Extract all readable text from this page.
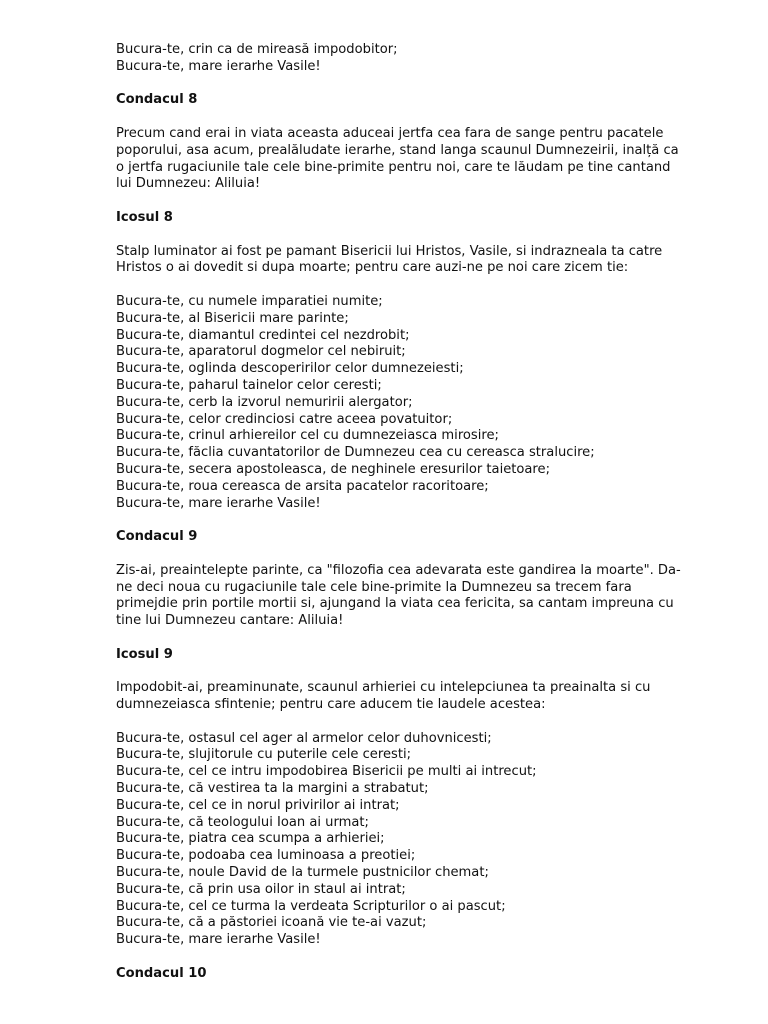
Bucura-te, crin ca de mireasă impodobitor;
Bucura-te, mare ierarhe Vasile!

Condacul 8

Precum cand erai in viata aceasta aduceai jertfa cea fara de sange pentru pacatele
poporului, asa acum, prealăludate ierarhe, stand langa scaunul Dumnezeirii, inalță ca
o jertfa rugaciunile tale cele bine-primite pentru noi, care te lăudam pe tine cantand
lui Dumnezeu: Aliluia!

Icosul 8

Stalp luminator ai fost pe pamant Bisericii lui Hristos, Vasile, si indrazneala ta catre
Hristos o ai dovedit si dupa moarte; pentru care auzi-ne pe noi care zicem tie:
Bucura-te, cu numele imparatiei numite;
Bucura-te, al Bisericii mare parinte;
Bucura-te, diamantul credintei cel nezdrobit;
Bucura-te, aparatorul dogmelor cel nebiruit;
Bucura-te, oglinda descoperirilor celor dumnezeiesti;
Bucura-te, paharul tainelor celor ceresti;
Bucura-te, cerb la izvorul nemuririi alergator;
Bucura-te, celor credinciosi catre aceea povatuitor;
Bucura-te, crinul arhiereilor cel cu dumnezeiasca mirosire;
Bucura-te, făclia cuvantatorilor de Dumnezeu cea cu cereasca stralucire;
Bucura-te, secera apostoleasca, de neghinele eresurilor taietoare;
Bucura-te, roua cereasca de arsita pacatelor racoritoare;
Bucura-te, mare ierarhe Vasile!

Condacul 9

Zis-ai, preaintelepte parinte, ca "filozofia cea adevarata este gandirea la moarte". Da-
ne deci noua cu rugaciunile tale cele bine-primite la Dumnezeu sa trecem fara
primejdie prin portile mortii si, ajungand la viata cea fericita, sa cantam impreuna cu
tine lui Dumnezeu cantare: Aliluia!

Icosul 9

Impodobit-ai, preaminunate, scaunul arhieriei cu intelepciunea ta preainalta si cu
dumnezeiasca sfintenie; pentru care aducem tie laudele acestea:
Bucura-te, ostasul cel ager al armelor celor duhovnicesti;
Bucura-te, slujitorule cu puterile cele ceresti;
Bucura-te, cel ce intru impodobirea Bisericii pe multi ai intrecut;
Bucura-te, că vestirea ta la margini a strabatut;
Bucura-te, cel ce in norul privirilor ai intrat;
Bucura-te, că teologului Ioan ai urmat;
Bucura-te, piatra cea scumpa a arhieriei;
Bucura-te, podoaba cea luminoasa a preotiei;
Bucura-te, noule David de la turmele pustnicilor chemat;
Bucura-te, că prin usa oilor in staul ai intrat;
Bucura-te, cel ce turma la verdeata Scripturilor o ai pascut;
Bucura-te, că a păstoriei icoană vie te-ai vazut;
Bucura-te, mare ierarhe Vasile!

Condacul 10
